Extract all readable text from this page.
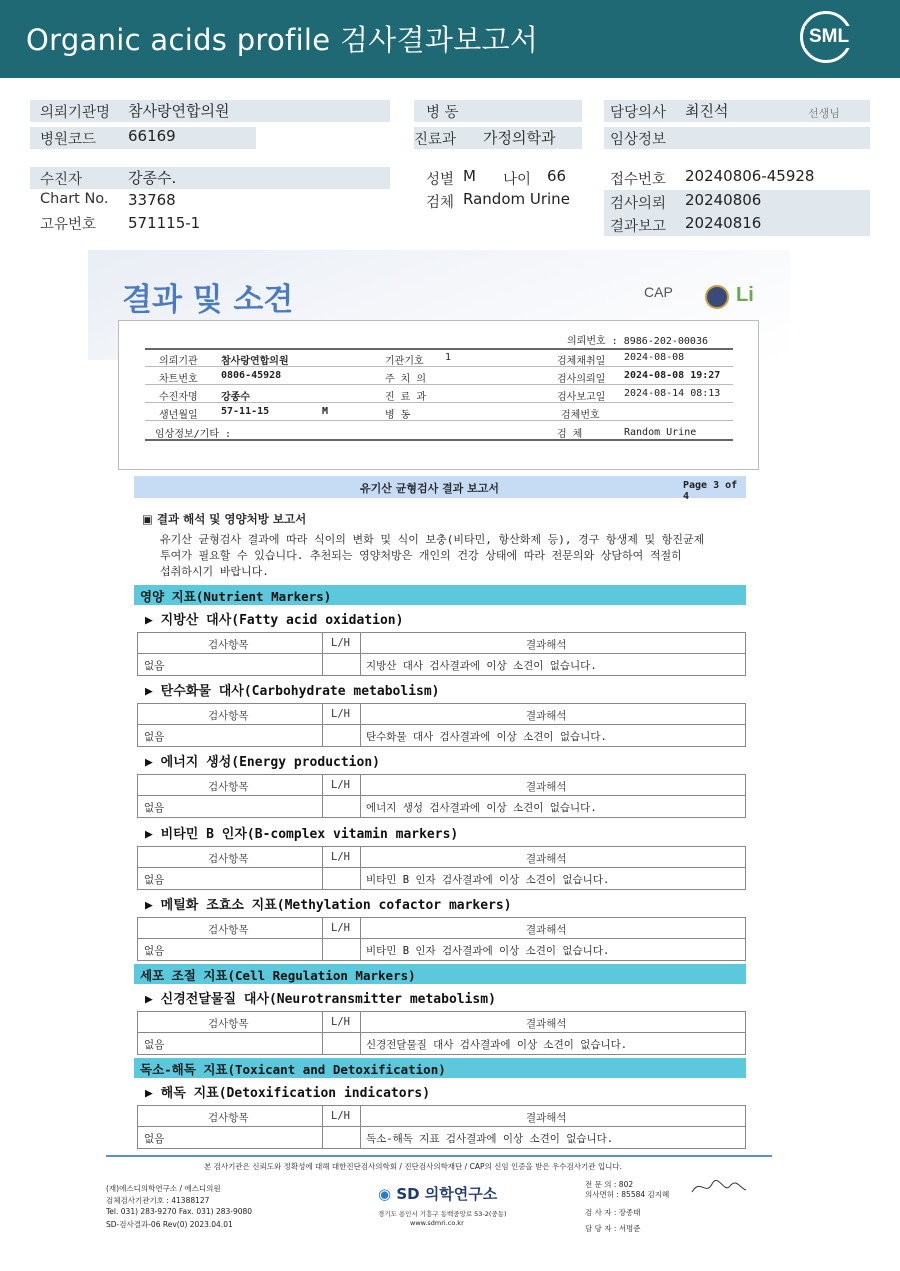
Organic acids profile 검사결과보고서	SML
의뢰기관명 참사랑연합의원	병 동	담당의사 최진석	선생님
병원코드 66169	진료과 가정의학과	임상정보
수진자	강종수.	성별 M 나이 66	접수번호 20240806-45928
Chart No. 33768	검체 Random Urine	검사의뢰 20240806
고유번호 571115-1	결과보고 20240816
결과 및 소견	CAP	Li
의뢰번호 : 8986-202-00036
의뢰기관 참사랑연합의원	기관기호 1	검체채취일 2024-08-08
차트번호 0806-45928	주 치 의	검사의뢰일 2024-08-08 19:27
수진자명 강종수	진 료 과	검사보고일 2024-08-14 08:13
생년월일 57-11-15	M	병 동	검체번호
임상정보/기타 :	검 체	Random Urine
유기산 균형검사 결과 보고서	Page 3 of 4
▣ 결과 해석 및 영양처방 보고서
유기산 균형검사 결과에 따라 식이의 변화 및 식이 보충(비타민, 항산화제 등), 경구 항생제 및 항진균제
투여가 필요할 수 있습니다. 추천되는 영양처방은 개인의 건강 상태에 따라 전문의와 상담하여 적절히
섭취하시기 바랍니다.
영양 지표(Nutrient Markers)
▶ 지방산 대사(Fatty acid oxidation)
검사항목	L/H	결과해석
없음	지방산 대사 검사결과에 이상 소견이 없습니다.
▶ 탄수화물 대사(Carbohydrate metabolism)
검사항목	L/H	결과해석
없음	탄수화물 대사 검사결과에 이상 소견이 없습니다.
▶ 에너지 생성(Energy production)
검사항목	L/H	결과해석
없음	에너지 생성 검사결과에 이상 소견이 없습니다.
▶ 비타민 B 인자(B-complex vitamin markers)
검사항목	L/H	결과해석
없음	비타민 B 인자 검사결과에 이상 소견이 없습니다.
▶ 메틸화 조효소 지표(Methylation cofactor markers)
검사항목	L/H	결과해석
없음	비타민 B 인자 검사결과에 이상 소견이 없습니다.
세포 조절 지표(Cell Regulation Markers)
▶ 신경전달물질 대사(Neurotransmitter metabolism)
검사항목	L/H	결과해석
없음	신경전달물질 대사 검사결과에 이상 소견이 없습니다.
독소-해독 지표(Toxicant and Detoxification)
▶ 해독 지표(Detoxification indicators)
검사항목	L/H	결과해석
없음	독소-해독 지표 검사결과에 이상 소견이 없습니다.
본 검사기관은 신뢰도와 정확성에 대해 대한진단검사의학회 / 진단검사의학재단 / CAP의 신임 인증을 받은 우수검사기관 입니다.
(재)에스디의학연구소 / 에스디의원
검체검사기관기호 : 41388127
Tel. 031) 283-9270 Fax. 031) 283-9080
SD-검사결과-06 Rev(0) 2023.04.01
◉ SD 의학연구소
경기도 용인시 기흥구 동백중앙로 53-2(중동)
www.sdmri.co.kr
전 문 의 : 802
의사면허 : 85584 김지혜
검 사 자 : 장종태
담 당 자 : 서명준
